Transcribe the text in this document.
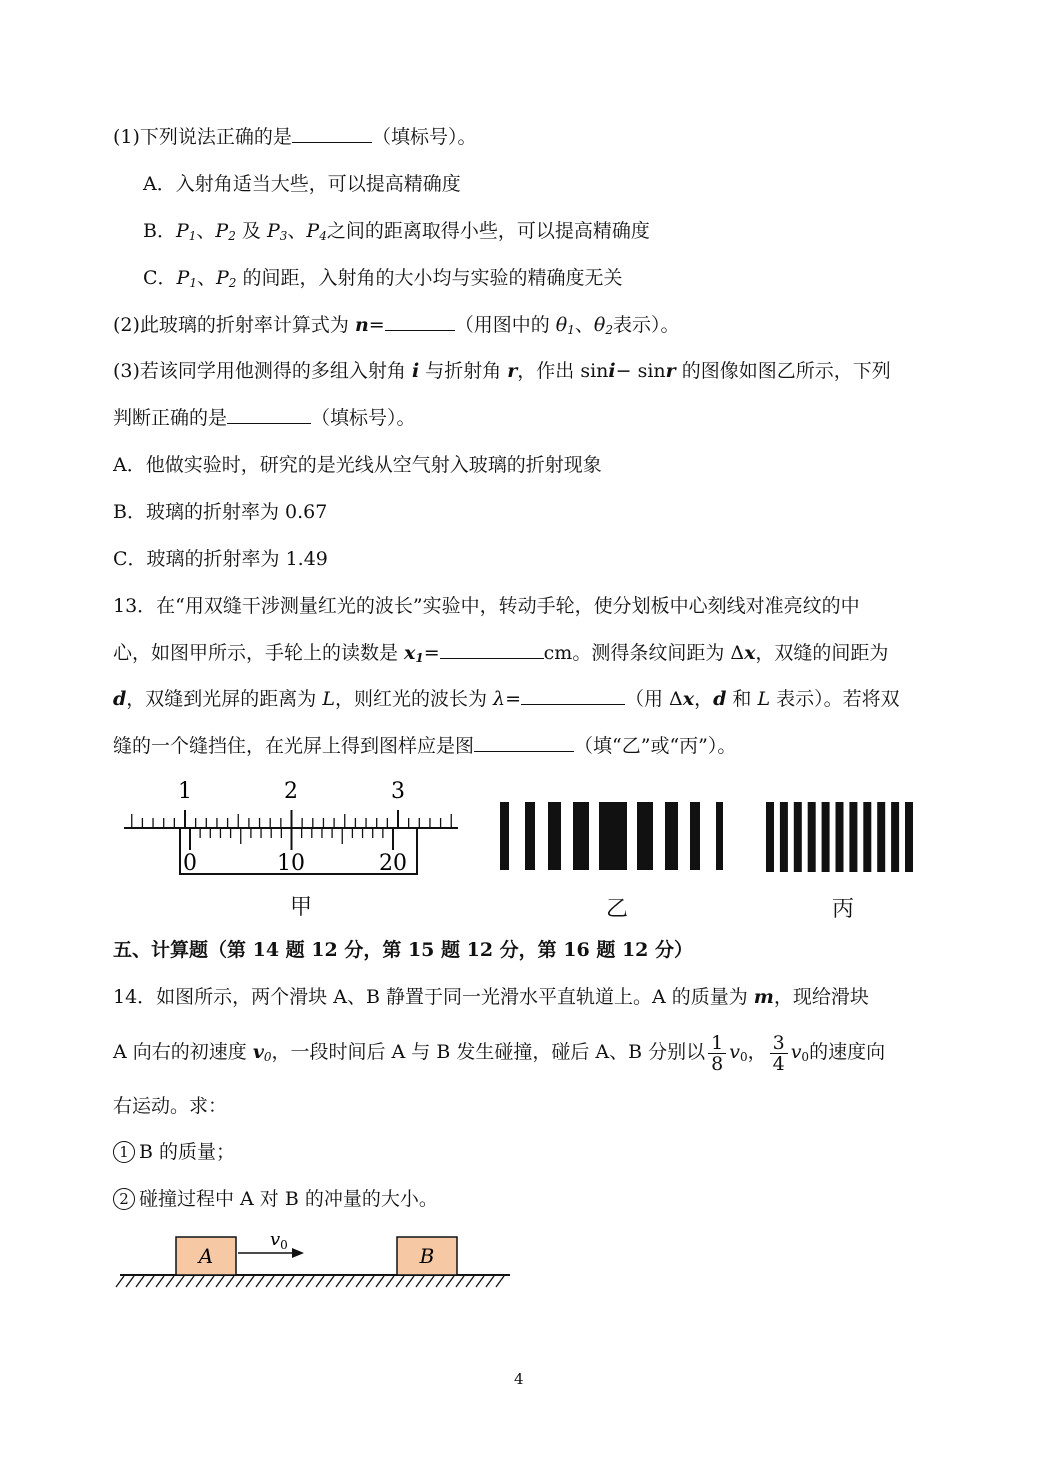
(1)下列说法正确的是	（填标号）。
A．入射角适当大些，可以提高精确度
B．$P_1$、$P_2$ 及 $P_3$、$P_4$之间的距离取得小些，可以提高精确度
C．$P_1$、$P_2$ 的间距，入射角的大小均与实验的精确度无关
(2)此玻璃的折射率计算式为 n=	（用图中的 $\theta_1$、$\theta_2$表示）。
(3)若该同学用他测得的多组入射角 i 与折射角 r，作出 sini− sinr 的图像如图乙所示，下列
判断正确的是	（填标号）。
A．他做实验时，研究的是光线从空气射入玻璃的折射现象
B．玻璃的折射率为 0.67
C．玻璃的折射率为 1.49
13．在“用双缝干涉测量红光的波长”实验中，转动手轮，使分划板中心刻线对准亮纹的中
心，如图甲所示，手轮上的读数是 $x_1=$	cm。测得条纹间距为 Δx，双缝的间距为
d，双缝到光屏的距离为 L，则红光的波长为 λ=	（用 Δx，d 和 L 表示）。若将双
缝的一个缝挡住，在光屏上得到图样应是图	（填“乙”或“丙”）。
1	2	3
0	10	20
甲	乙	丙
五、计算题（第 14 题 12 分，第 15 题 12 分，第 16 题 12 分）
14．如图所示，两个滑块 A、B 静置于同一光滑水平直轨道上。A 的质量为 m，现给滑块
A 向右的初速度 $v_0$，一段时间后 A 与 B 发生碰撞，碰后 A、B 分别以 $\frac{1}{8} v_0$， $\frac{3}{4} v_0$的速度向
右运动。求：
1 B 的质量；
2 碰撞过程中 A 对 B 的冲量的大小。
A	B
$v_0$
4
